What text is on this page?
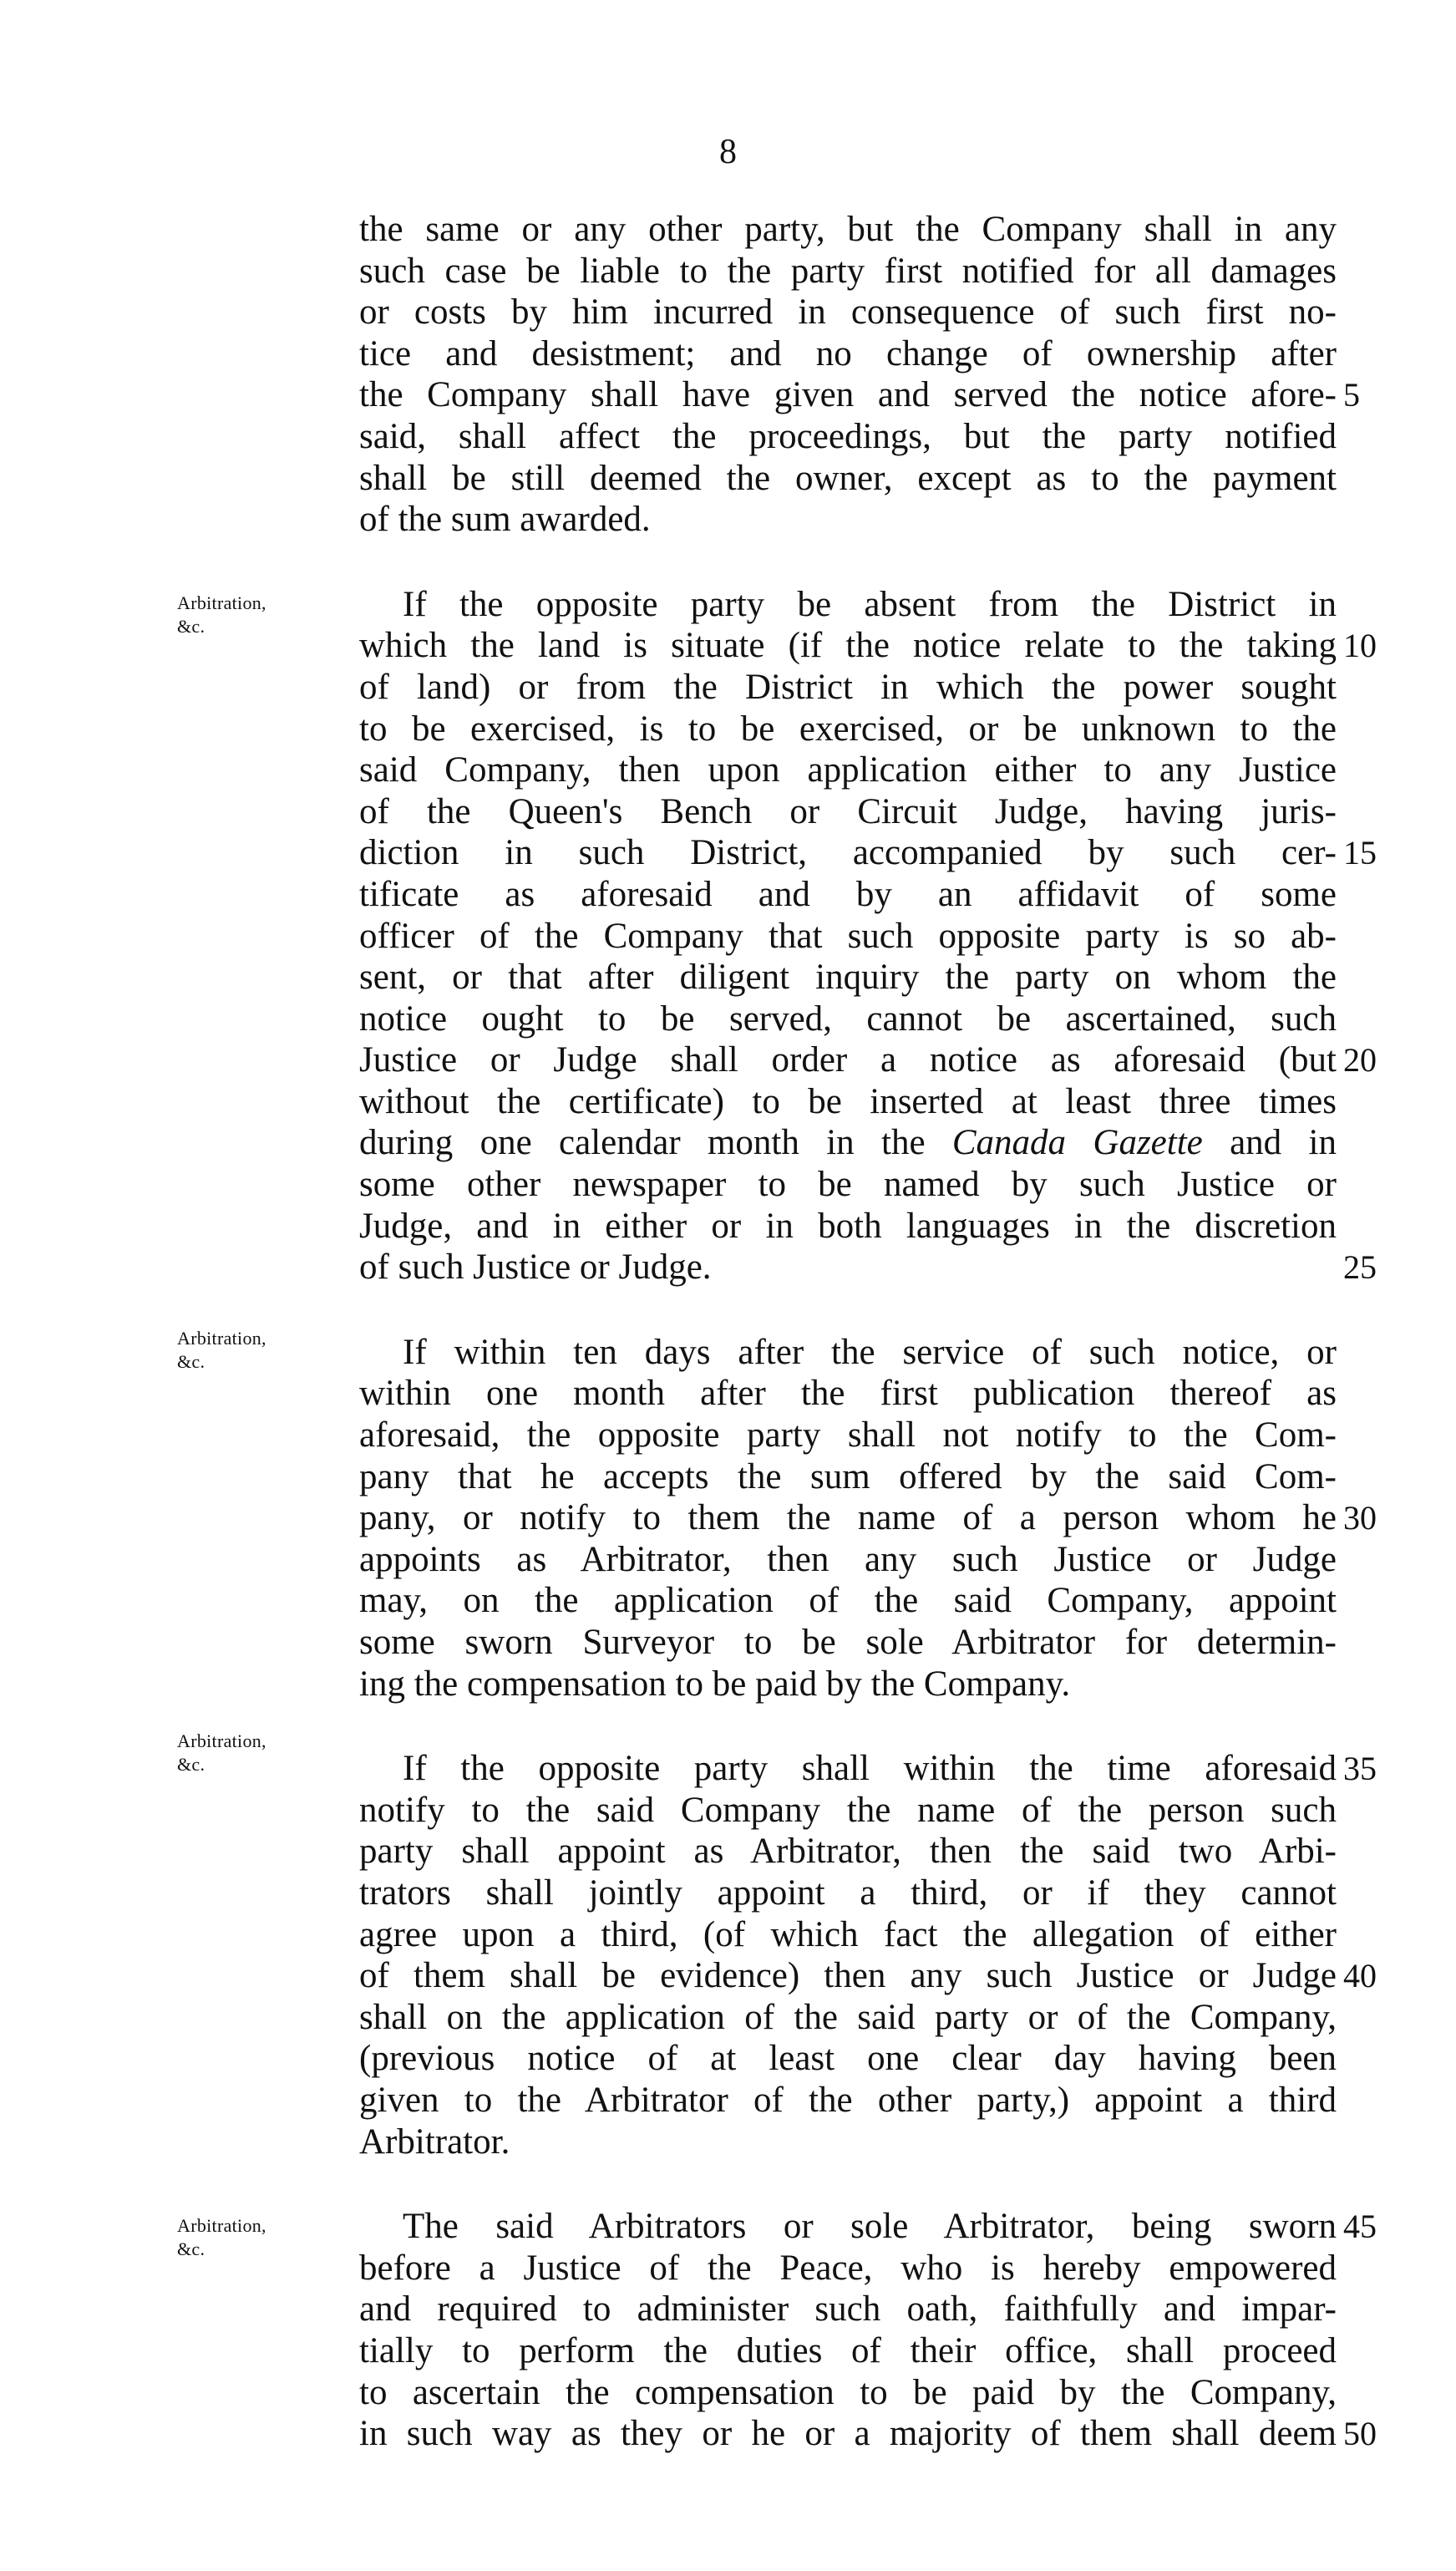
8
Arbitration,
&c.
Arbitration,
&c.
Arbitration,
&c.
Arbitration,
&c.
the same or any other party, but the Company shall in any
such case be liable to the party first notified for all damages
or costs by him incurred in consequence of such first no-
tice and desistment; and no change of ownership after
the Company shall have given and served the notice afore- 5
said, shall affect the proceedings, but the party notified
shall be still deemed the owner, except as to the payment
of the sum awarded.
If the opposite party be absent from the District in
which the land is situate (if the notice relate to the taking 10
of land) or from the District in which the power sought
to be exercised, is to be exercised, or be unknown to the
said Company, then upon application either to any Justice
of the Queen's Bench or Circuit Judge, having juris-
diction in such District, accompanied by such cer- 15
tificate as aforesaid and by an affidavit of some
officer of the Company that such opposite party is so ab-
sent, or that after diligent inquiry the party on whom the
notice ought to be served, cannot be ascertained, such
Justice or Judge shall order a notice as aforesaid (but 20
without the certificate) to be inserted at least three times
during one calendar month in the Canada Gazette and in
some other newspaper to be named by such Justice or
Judge, and in either or in both languages in the discretion
of such Justice or Judge.	25
If within ten days after the service of such notice, or
within one month after the first publication thereof as
aforesaid, the opposite party shall not notify to the Com-
pany that he accepts the sum offered by the said Com-
pany, or notify to them the name of a person whom he 30
appoints as Arbitrator, then any such Justice or Judge
may, on the application of the said Company, appoint
some sworn Surveyor to be sole Arbitrator for determin-
ing the compensation to be paid by the Company.
If the opposite party shall within the time aforesaid 35
notify to the said Company the name of the person such
party shall appoint as Arbitrator, then the said two Arbi-
trators shall jointly appoint a third, or if they cannot
agree upon a third, (of which fact the allegation of either
of them shall be evidence) then any such Justice or Judge 40
shall on the application of the said party or of the Company,
(previous notice of at least one clear day having been
given to the Arbitrator of the other party,) appoint a third
Arbitrator.
The said Arbitrators or sole Arbitrator, being sworn 45
before a Justice of the Peace, who is hereby empowered
and required to administer such oath, faithfully and impar-
tially to perform the duties of their office, shall proceed
to ascertain the compensation to be paid by the Company,
in such way as they or he or a majority of them shall deem 50
